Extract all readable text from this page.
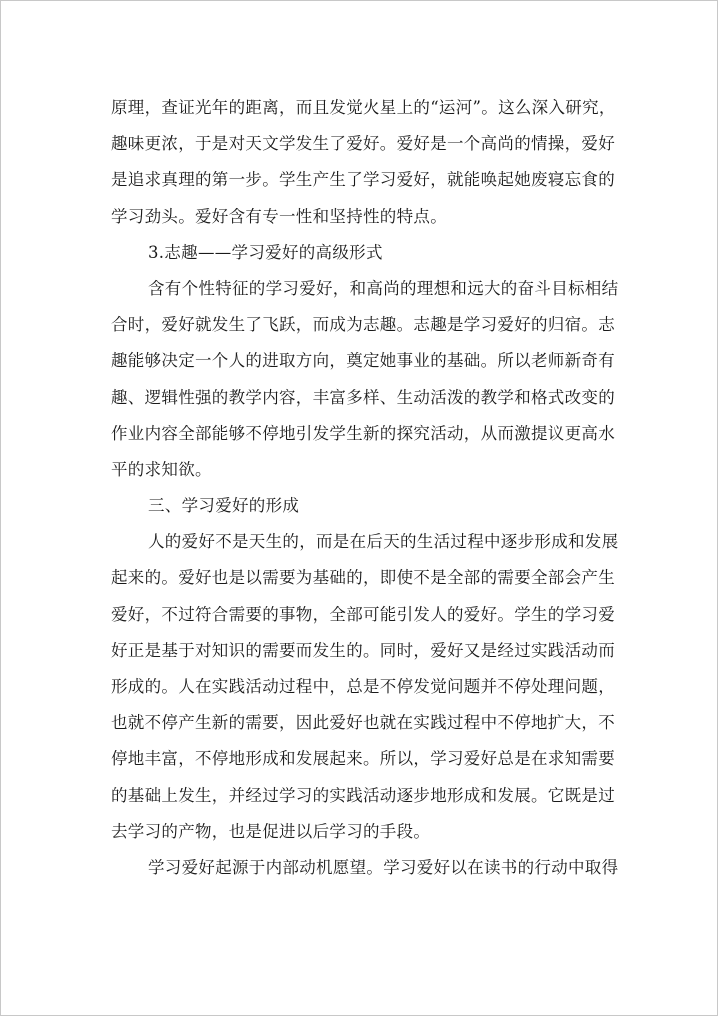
原理，查证光年的距离，而且发觉火星上的“运河”。这么深入研究，
趣味更浓，于是对天文学发生了爱好。爱好是一个高尚的情操，爱好
是追求真理的第一步。学生产生了学习爱好，就能唤起她废寝忘食的
学习劲头。爱好含有专一性和坚持性的特点。
3.志趣——学习爱好的高级形式
含有个性特征的学习爱好，和高尚的理想和远大的奋斗目标相结
合时，爱好就发生了飞跃，而成为志趣。志趣是学习爱好的归宿。志
趣能够决定一个人的进取方向，奠定她事业的基础。所以老师新奇有
趣、逻辑性强的教学内容，丰富多样、生动活泼的教学和格式改变的
作业内容全部能够不停地引发学生新的探究活动，从而激提议更高水
平的求知欲。
三、学习爱好的形成
人的爱好不是天生的，而是在后天的生活过程中逐步形成和发展
起来的。爱好也是以需要为基础的，即使不是全部的需要全部会产生
爱好，不过符合需要的事物，全部可能引发人的爱好。学生的学习爱
好正是基于对知识的需要而发生的。同时，爱好又是经过实践活动而
形成的。人在实践活动过程中，总是不停发觉问题并不停处理问题，
也就不停产生新的需要，因此爱好也就在实践过程中不停地扩大，不
停地丰富，不停地形成和发展起来。所以，学习爱好总是在求知需要
的基础上发生，并经过学习的实践活动逐步地形成和发展。它既是过
去学习的产物，也是促进以后学习的手段。
学习爱好起源于内部动机愿望。学习爱好以在读书的行动中取得
